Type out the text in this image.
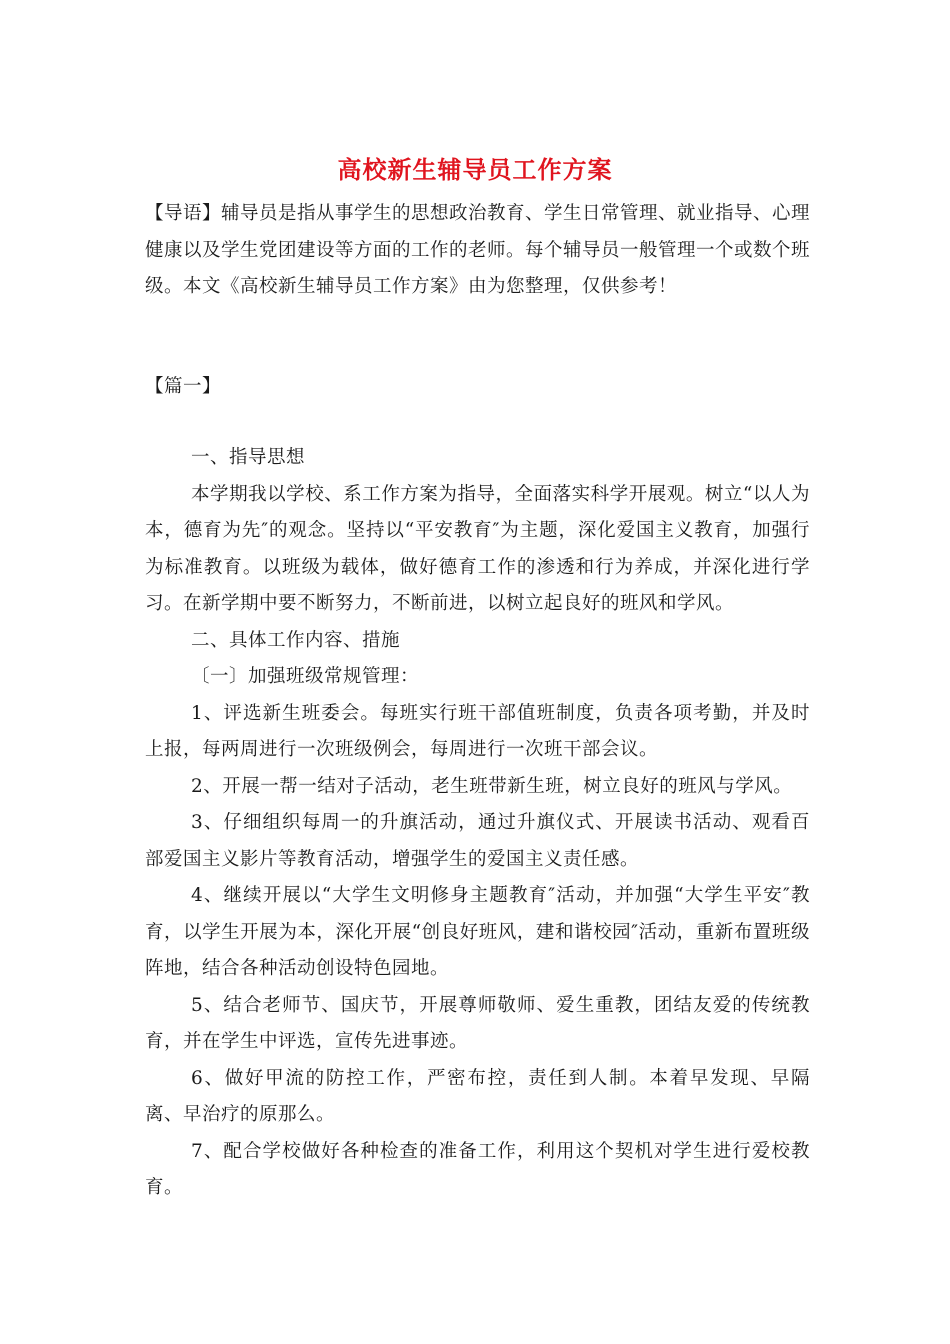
高校新生辅导员工作方案

【导语】辅导员是指从事学生的思想政治教育、学生日常管理、就业指导、心理健康以及学生党团建设等方面的工作的老师。每个辅导员一般管理一个或数个班级。本文《高校新生辅导员工作方案》由为您整理，仅供参考！

【篇一】

一、指导思想

本学期我以学校、系工作方案为指导，全面落实科学开展观。树立“以人为本，德育为先″的观念。坚持以“平安教育″为主题，深化爱国主义教育，加强行为标准教育。以班级为载体，做好德育工作的渗透和行为养成，并深化进行学习。在新学期中要不断努力，不断前进，以树立起良好的班风和学风。

二、具体工作内容、措施

〔一〕加强班级常规管理：

1、评选新生班委会。每班实行班干部值班制度，负责各项考勤，并及时上报，每两周进行一次班级例会，每周进行一次班干部会议。

2、开展一帮一结对子活动，老生班带新生班，树立良好的班风与学风。

3、仔细组织每周一的升旗活动，通过升旗仪式、开展读书活动、观看百部爱国主义影片等教育活动，增强学生的爱国主义责任感。

4、继续开展以“大学生文明修身主题教育″活动，并加强“大学生平安″教育，以学生开展为本，深化开展“创良好班风，建和谐校园″活动，重新布置班级阵地，结合各种活动创设特色园地。

5、结合老师节、国庆节，开展尊师敬师、爱生重教，团结友爱的传统教育，并在学生中评选，宣传先进事迹。

6、做好甲流的防控工作，严密布控，责任到人制。本着早发现、早隔离、早治疗的原那么。

7、配合学校做好各种检查的准备工作，利用这个契机对学生进行爱校教育。
